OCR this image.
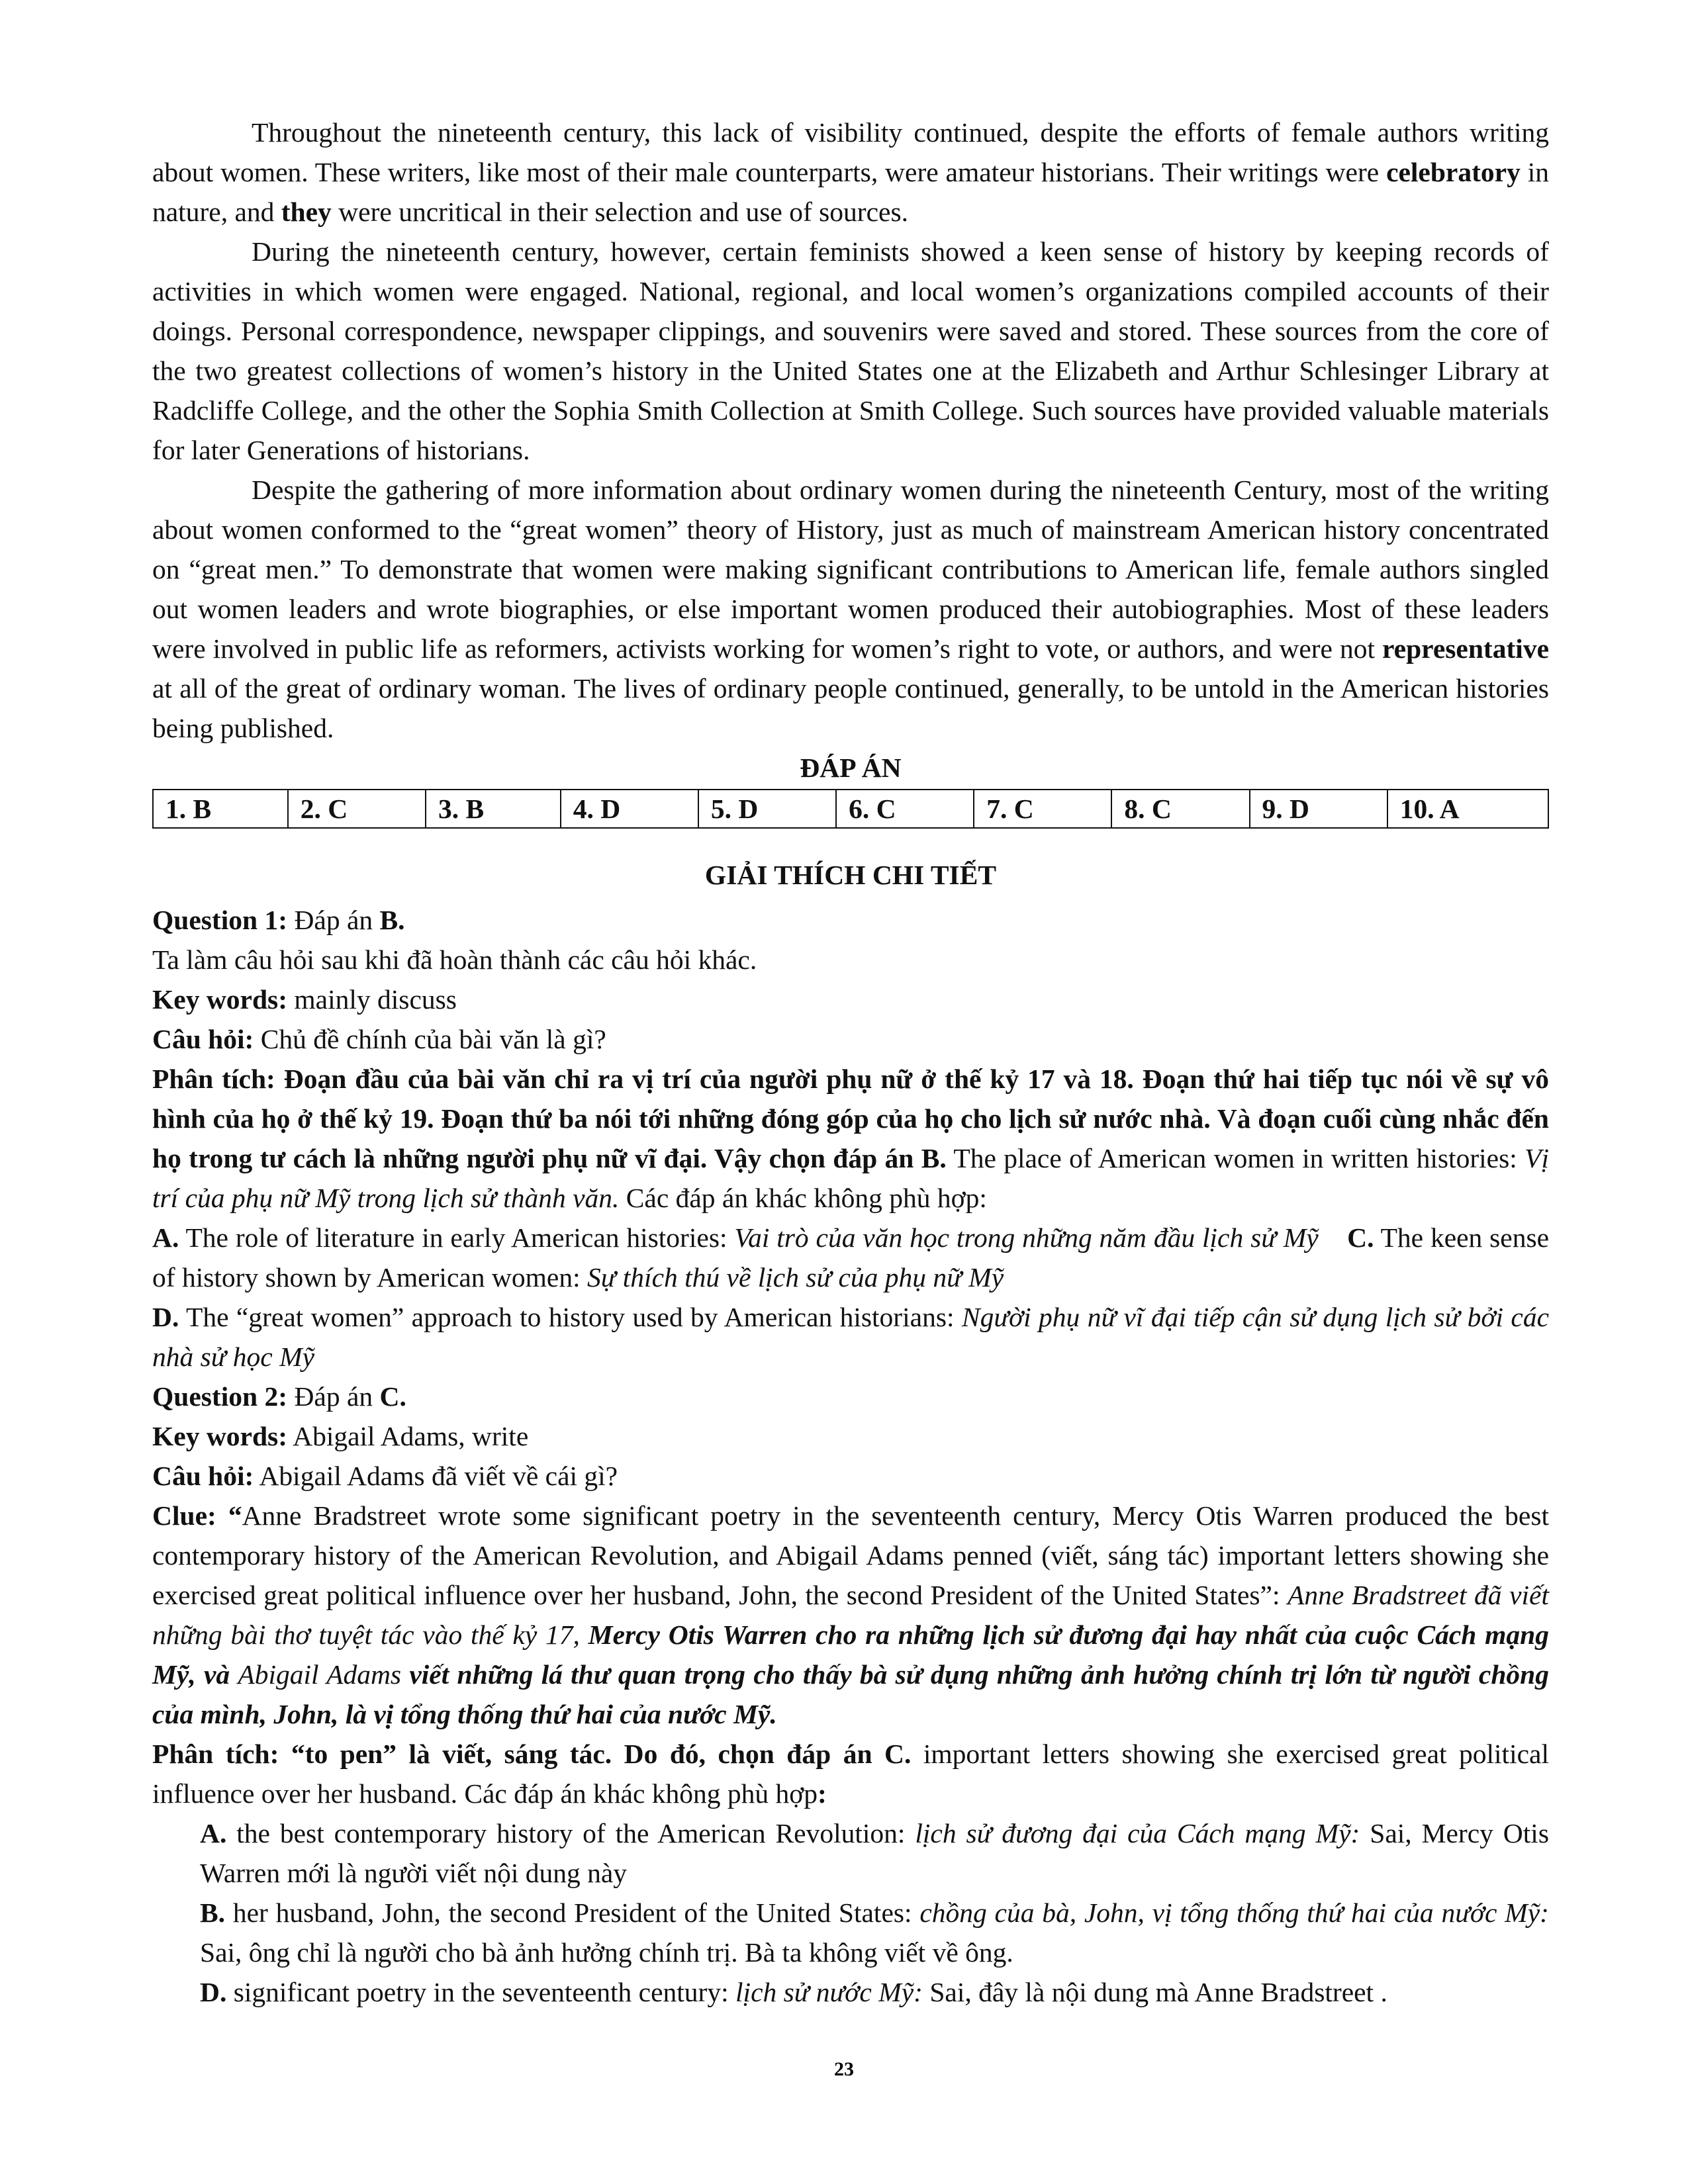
Throughout the nineteenth century, this lack of visibility continued, despite the efforts of female authors writing about women. These writers, like most of their male counterparts, were amateur historians. Their writings were celebratory in nature, and they were uncritical in their selection and use of sources.

During the nineteenth century, however, certain feminists showed a keen sense of history by keeping records of activities in which women were engaged. National, regional, and local women’s organizations compiled accounts of their doings. Personal correspondence, newspaper clippings, and souvenirs were saved and stored. These sources from the core of the two greatest collections of women’s history in the United States one at the Elizabeth and Arthur Schlesinger Library at Radcliffe College, and the other the Sophia Smith Collection at Smith College. Such sources have provided valuable materials for later Generations of historians.

Despite the gathering of more information about ordinary women during the nineteenth Century, most of the writing about women conformed to the “great women” theory of History, just as much of mainstream American history concentrated on “great men.” To demonstrate that women were making significant contributions to American life, female authors singled out women leaders and wrote biographies, or else important women produced their autobiographies. Most of these leaders were involved in public life as reformers, activists working for women’s right to vote, or authors, and were not representative at all of the great of ordinary woman. The lives of ordinary people continued, generally, to be untold in the American histories being published.

ĐÁP ÁN

1. B	2. C	3. B	4. D	5. D	6. C	7. C	8. C	9. D	10. A

GIẢI THÍCH CHI TIẾT

Question 1: Đáp án B.

Ta làm câu hỏi sau khi đã hoàn thành các câu hỏi khác.

Key words: mainly discuss

Câu hỏi: Chủ đề chính của bài văn là gì?

Phân tích: Đoạn đầu của bài văn chỉ ra vị trí của người phụ nữ ở thế kỷ 17 và 18. Đoạn thứ hai tiếp tục nói về sự vô hình của họ ở thế kỷ 19. Đoạn thứ ba nói tới những đóng góp của họ cho lịch sử nước nhà. Và đoạn cuối cùng nhắc đến họ trong tư cách là những người phụ nữ vĩ đại. Vậy chọn đáp án B. The place of American women in written histories: Vị trí của phụ nữ Mỹ trong lịch sử thành văn. Các đáp án khác không phù hợp:

A. The role of literature in early American histories: Vai trò của văn học trong những năm đầu lịch sử Mỹ C. The keen sense of history shown by American women: Sự thích thú về lịch sử của phụ nữ Mỹ

D. The “great women” approach to history used by American historians: Người phụ nữ vĩ đại tiếp cận sử dụng lịch sử bởi các nhà sử học Mỹ

Question 2: Đáp án C.

Key words: Abigail Adams, write

Câu hỏi: Abigail Adams đã viết về cái gì?

Clue: “Anne Bradstreet wrote some significant poetry in the seventeenth century, Mercy Otis Warren produced the best contemporary history of the American Revolution, and Abigail Adams penned (viết, sáng tác) important letters showing she exercised great political influence over her husband, John, the second President of the United States”: Anne Bradstreet đã viết những bài thơ tuyệt tác vào thế kỷ 17, Mercy Otis Warren cho ra những lịch sử đương đại hay nhất của cuộc Cách mạng Mỹ, và Abigail Adams viết những lá thư quan trọng cho thấy bà sử dụng những ảnh hưởng chính trị lớn từ người chồng của mình, John, là vị tổng thống thứ hai của nước Mỹ.

Phân tích: “to pen” là viết, sáng tác. Do đó, chọn đáp án C. important letters showing she exercised great political influence over her husband. Các đáp án khác không phù hợp:

A. the best contemporary history of the American Revolution: lịch sử đương đại của Cách mạng Mỹ: Sai, Mercy Otis Warren mới là người viết nội dung này

B. her husband, John, the second President of the United States: chồng của bà, John, vị tổng thống thứ hai của nước Mỹ: Sai, ông chỉ là người cho bà ảnh hưởng chính trị. Bà ta không viết về ông.

D. significant poetry in the seventeenth century: lịch sử nước Mỹ: Sai, đây là nội dung mà Anne Bradstreet .

23
